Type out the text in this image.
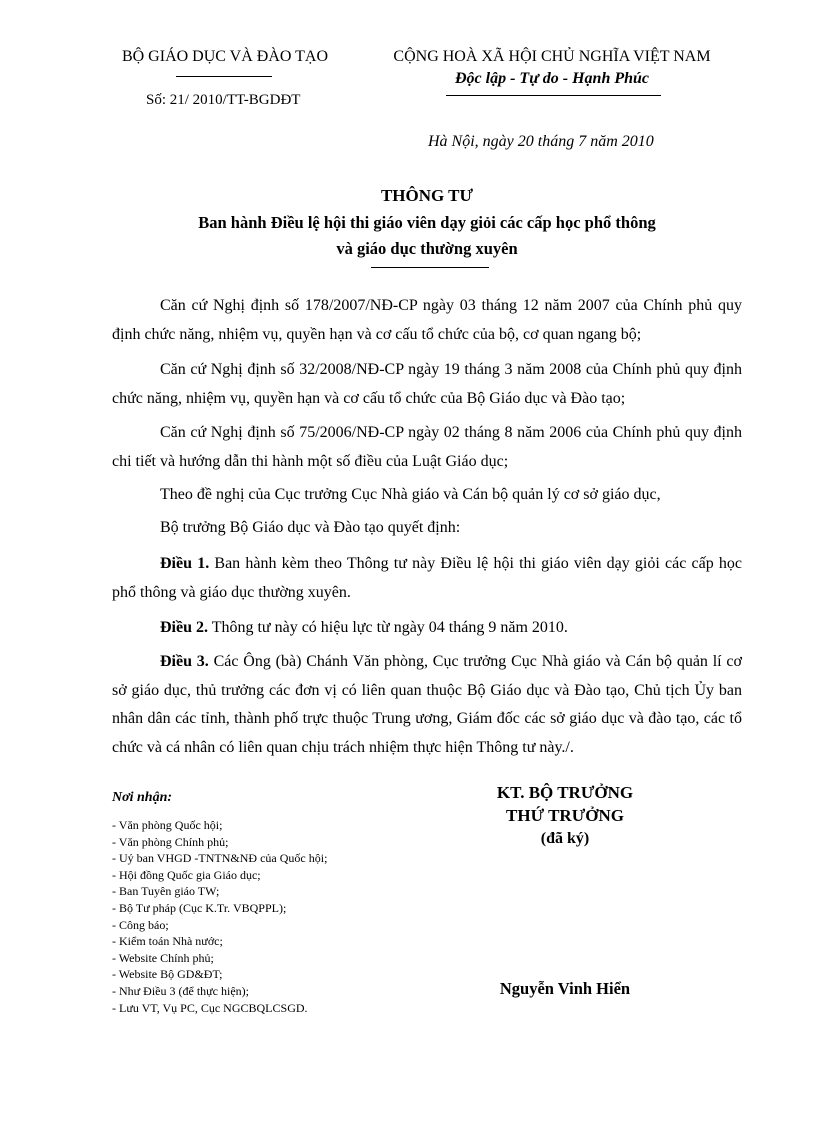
BỘ GIÁO DỤC VÀ ĐÀO TẠO
Số: 21/ 2010/TT-BGDĐT
CỘNG HOÀ XÃ HỘI CHỦ NGHĨA VIỆT NAM
Độc lập - Tự do - Hạnh Phúc
Hà Nội, ngày 20 tháng 7 năm 2010
THÔNG TƯ
Ban hành Điều lệ hội thi giáo viên dạy giỏi các cấp học phổ thông
và giáo dục thường xuyên

Căn cứ Nghị định số 178/2007/NĐ-CP ngày 03 tháng 12 năm 2007 của Chính phủ quy định chức năng, nhiệm vụ, quyền hạn và cơ cấu tổ chức của bộ, cơ quan ngang bộ;

Căn cứ Nghị định số 32/2008/NĐ-CP ngày 19 tháng 3 năm 2008 của Chính phủ quy định chức năng, nhiệm vụ, quyền hạn và cơ cấu tổ chức của Bộ Giáo dục và Đào tạo;

Căn cứ Nghị định số 75/2006/NĐ-CP ngày 02 tháng 8 năm 2006 của Chính phủ quy định chi tiết và hướng dẫn thi hành một số điều của Luật Giáo dục;

Theo đề nghị của Cục trưởng Cục Nhà giáo và Cán bộ quản lý cơ sở giáo dục,

Bộ trưởng Bộ Giáo dục và Đào tạo quyết định:

Điều 1. Ban hành kèm theo Thông tư này Điều lệ hội thi giáo viên dạy giỏi các cấp học phổ thông và giáo dục thường xuyên.

Điều 2. Thông tư này có hiệu lực từ ngày 04 tháng 9 năm 2010.

Điều 3. Các Ông (bà) Chánh Văn phòng, Cục trưởng Cục Nhà giáo và Cán bộ quản lí cơ sở giáo dục, thủ trưởng các đơn vị có liên quan thuộc Bộ Giáo dục và Đào tạo, Chủ tịch Ủy ban nhân dân các tỉnh, thành phố trực thuộc Trung ương, Giám đốc các sở giáo dục và đào tạo, các tổ chức và cá nhân có liên quan chịu trách nhiệm thực hiện Thông tư này./.

Nơi nhận:
- Văn phòng Quốc hội;
- Văn phòng Chính phủ;
- Uỷ ban VHGD -TNTN&NĐ của Quốc hội;
- Hội đồng Quốc gia Giáo dục;
- Ban Tuyên giáo TW;
- Bộ Tư pháp (Cục K.Tr. VBQPPL);
- Công báo;
- Kiểm toán Nhà nước;
- Website Chính phủ;
- Website Bộ GD&ĐT;
- Như Điều 3 (để thực hiện);
- Lưu VT, Vụ PC, Cục NGCBQLCSGD.
KT. BỘ TRƯỞNG
THỨ TRƯỞNG
(đã ký)
Nguyễn Vinh Hiển
